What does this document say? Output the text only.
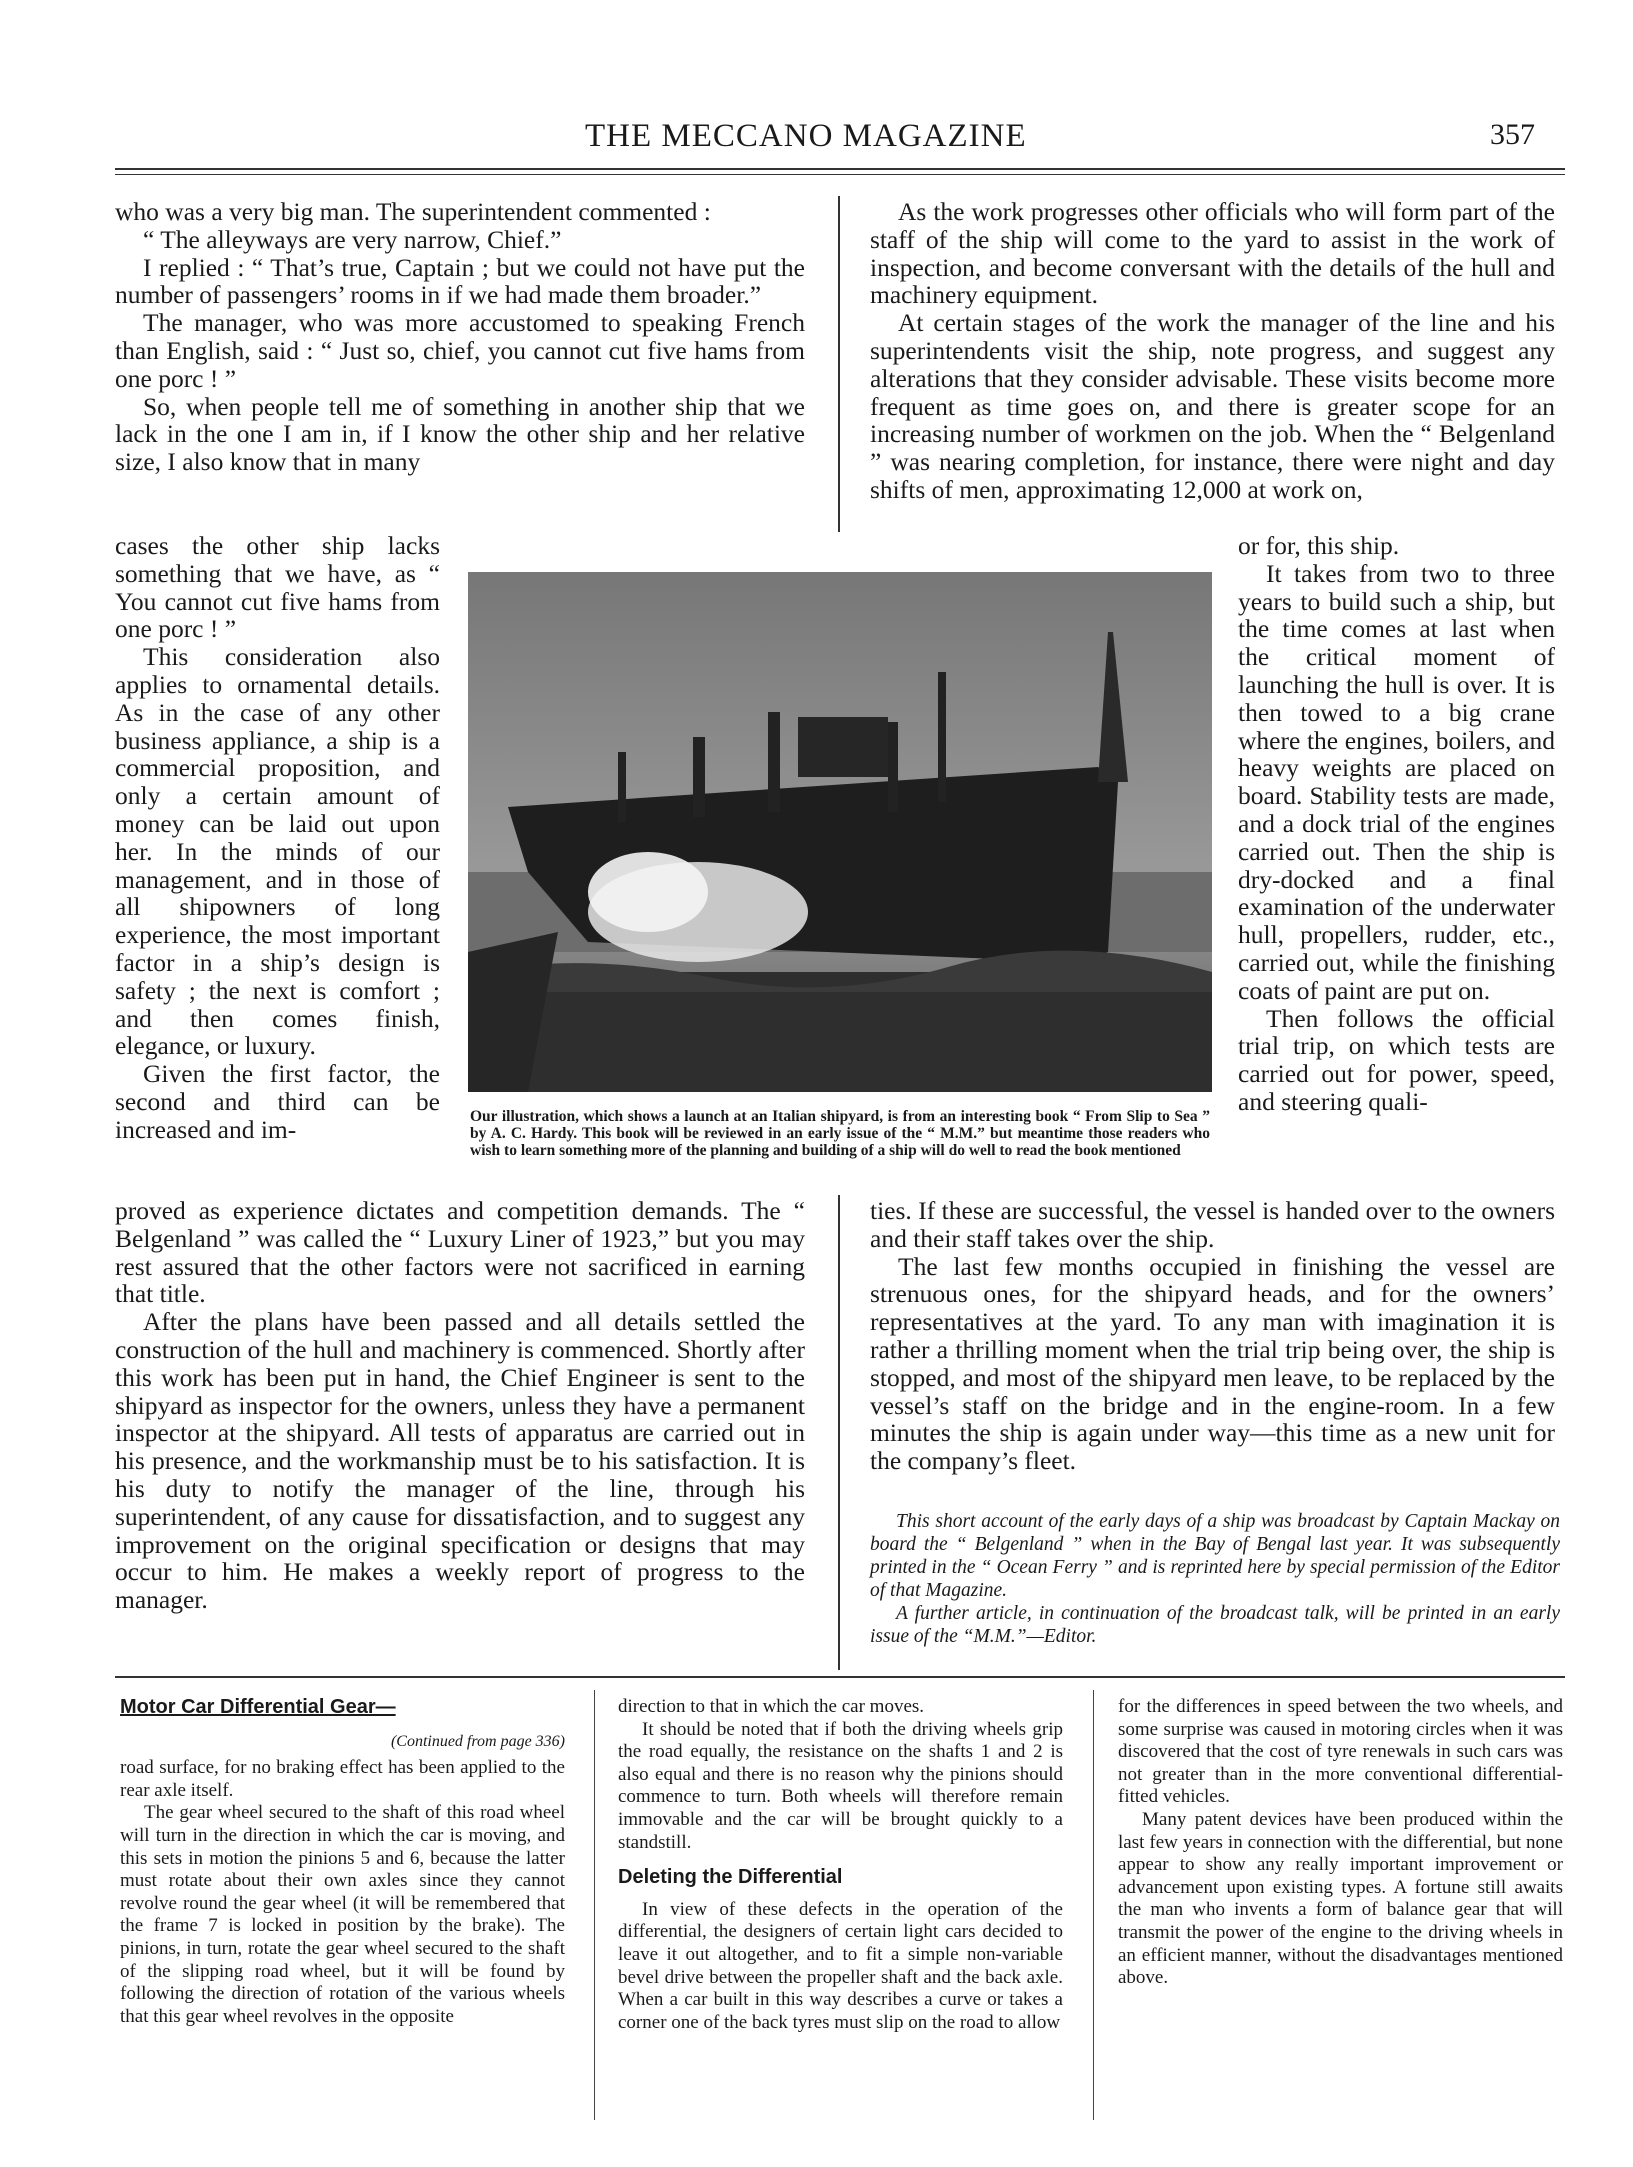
THE MECCANO MAGAZINE	357

who was a very big man. The superintendent commented :

“ The alleyways are very narrow, Chief.”

I replied : “ That’s true, Captain ; but we could not have put the number of passengers’ rooms in if we had made them broader.”

The manager, who was more accustomed to speaking French than English, said : “ Just so, chief, you cannot cut five hams from one porc ! ”

So, when people tell me of something in another ship that we lack in the one I am in, if I know the other ship and her relative size, I also know that in many

cases the other ship lacks something that we have, as “ You cannot cut five hams from one porc ! ”

This consideration also applies to ornamental details. As in the case of any other business appliance, a ship is a commercial proposition, and only a certain amount of money can be laid out upon her. In the minds of our management, and in those of all shipowners of long experience, the most important factor in a ship’s design is safety ; the next is comfort ; and then comes finish, elegance, or luxury.

Given the first factor, the second and third can be increased and im-

proved as experience dictates and competition demands. The “ Belgenland ” was called the “ Luxury Liner of 1923,” but you may rest assured that the other factors were not sacrificed in earning that title.

After the plans have been passed and all details settled the construction of the hull and machinery is commenced. Shortly after this work has been put in hand, the Chief Engineer is sent to the shipyard as inspector for the owners, unless they have a permanent inspector at the shipyard. All tests of apparatus are carried out in his presence, and the workmanship must be to his satisfaction. It is his duty to notify the manager of the line, through his superintendent, of any cause for dissatisfaction, and to suggest any improvement on the original specification or designs that may occur to him. He makes a weekly report of progress to the manager.

As the work progresses other officials who will form part of the staff of the ship will come to the yard to assist in the work of inspection, and become conversant with the details of the hull and machinery equipment.

At certain stages of the work the manager of the line and his superintendents visit the ship, note progress, and suggest any alterations that they consider advisable. These visits become more frequent as time goes on, and there is greater scope for an increasing number of workmen on the job. When the “ Belgenland ” was nearing completion, for instance, there were night and day shifts of men, approximating 12,000 at work on,

or for, this ship.

It takes from two to three years to build such a ship, but the time comes at last when the critical moment of launching the hull is over. It is then towed to a big crane where the engines, boilers, and heavy weights are placed on board. Stability tests are made, and a dock trial of the engines carried out. Then the ship is dry-docked and a final examination of the underwater hull, propellers, rudder, etc., carried out, while the finishing coats of paint are put on.

Then follows the official trial trip, on which tests are carried out for power, speed, and steering quali-

ties. If these are successful, the vessel is handed over to the owners and their staff takes over the ship.

The last few months occupied in finishing the vessel are strenuous ones, for the shipyard heads, and for the owners’ representatives at the yard. To any man with imagination it is rather a thrilling moment when the trial trip being over, the ship is stopped, and most of the shipyard men leave, to be replaced by the vessel’s staff on the bridge and in the engine-room. In a few minutes the ship is again under way—this time as a new unit for the company’s fleet.

This short account of the early days of a ship was broadcast by Captain Mackay on board the “ Belgenland ” when in the Bay of Bengal last year. It was subsequently printed in the “ Ocean Ferry ” and is reprinted here by special permission of the Editor of that Magazine.

A further article, in continuation of the broadcast talk, will be printed in an early issue of the “M.M.”—Editor.

Our illustration, which shows a launch at an Italian shipyard, is from an interesting book “ From Slip to Sea ” by A. C. Hardy. This book will be reviewed in an early issue of the “ M.M.” but meantime those readers who wish to learn something more of the planning and building of a ship will do well to read the book mentioned
Motor Car Differential Gear—
(Continued from page 336)

road surface, for no braking effect has been applied to the rear axle itself.

The gear wheel secured to the shaft of this road wheel will turn in the direction in which the car is moving, and this sets in motion the pinions 5 and 6, because the latter must rotate about their own axles since they cannot revolve round the gear wheel (it will be remembered that the frame 7 is locked in position by the brake). The pinions, in turn, rotate the gear wheel secured to the shaft of the slipping road wheel, but it will be found by following the direction of rotation of the various wheels that this gear wheel revolves in the opposite

direction to that in which the car moves.

It should be noted that if both the driving wheels grip the road equally, the resistance on the shafts 1 and 2 is also equal and there is no reason why the pinions should commence to turn. Both wheels will therefore remain immovable and the car will be brought quickly to a standstill.

Deleting the Differential

In view of these defects in the operation of the differential, the designers of certain light cars decided to leave it out altogether, and to fit a simple non-variable bevel drive between the propeller shaft and the back axle. When a car built in this way describes a curve or takes a corner one of the back tyres must slip on the road to allow

for the differences in speed between the two wheels, and some surprise was caused in motoring circles when it was discovered that the cost of tyre renewals in such cars was not greater than in the more conventional differential-fitted vehicles.

Many patent devices have been produced within the last few years in connection with the differential, but none appear to show any really important improvement or advancement upon existing types. A fortune still awaits the man who invents a form of balance gear that will transmit the power of the engine to the driving wheels in an efficient manner, without the disadvantages mentioned above.
